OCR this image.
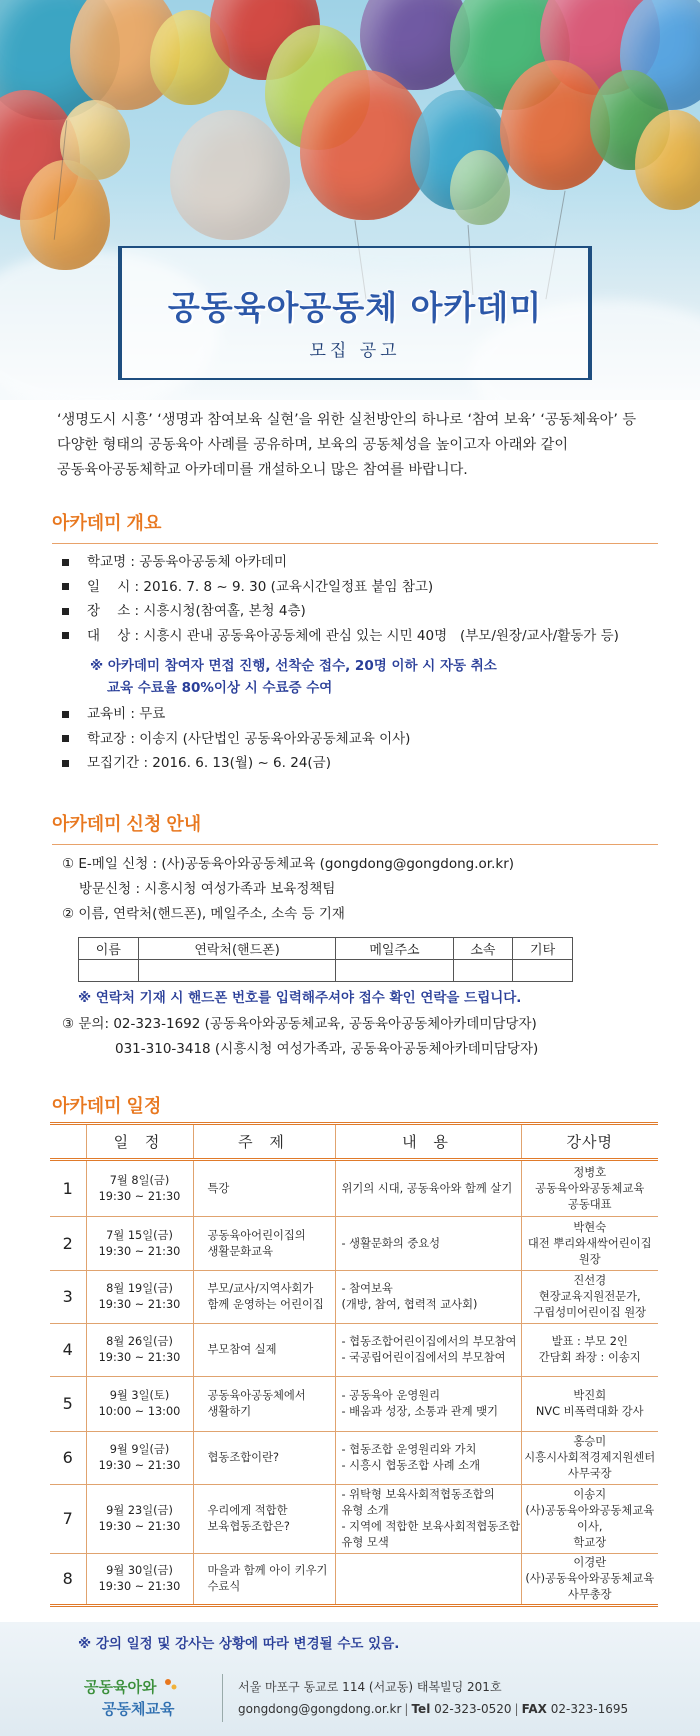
공동육아공동체 아카데미
모집 공고
‘생명도시 시흥’ ‘생명과 참여보육 실현’을 위한 실천방안의 하나로 ‘참여 보육’ ‘공동체육아’ 등
다양한 형태의 공동육아 사례를 공유하며, 보육의 공동체성을 높이고자 아래와 같이
공동육아공동체학교 아카데미를 개설하오니 많은 참여를 바랍니다.
아카데미 개요
학교명 : 공동육아공동체 아카데미
일    시 : 2016. 7. 8 ~ 9. 30 (교육시간일정표 붙임 참고)
장    소 : 시흥시청(참여홀, 본청 4층)
대    상 : 시흥시 관내 공동육아공동체에 관심 있는 시민 40명   (부모/원장/교사/활동가 등)
※ 아카데미 참여자 면접 진행, 선착순 접수, 20명 이하 시 자동 취소
교육 수료율 80%이상 시 수료증 수여
교육비 : 무료
학교장 : 이송지 (사단법인 공동육아와공동체교육 이사)
모집기간 : 2016. 6. 13(월) ~ 6. 24(금)
아카데미 신청 안내
① E-메일 신청 : (사)공동육아와공동체교육 (gongdong@gongdong.or.kr)
방문신청 : 시흥시청 여성가족과 보육정책팀
② 이름, 연락처(핸드폰), 메일주소, 소속 등 기재
이름	연락처(핸드폰)	메일주소	소속	기타

※ 연락처 기재 시 핸드폰 번호를 입력해주셔야 접수 확인 연락을 드립니다.
③ 문의: 02-323-1692 (공동육아와공동체교육, 공동육아공동체아카데미담당자)
031-310-3418 (시흥시청 여성가족과, 공동육아공동체아카데미담당자)
아카데미 일정
	일 정	주 제	내 용	강사명
1	7월 8일(금)
19:30 ~ 21:30	특강	위기의 시대, 공동육아와 함께 살기	정병호
공동육아와공동체교육
공동대표
2	7월 15일(금)
19:30 ~ 21:30	공동육아어린이집의
생활문화교육	- 생활문화의 중요성	박현숙
대전 뿌리와새싹어린이집
원장
3	8월 19일(금)
19:30 ~ 21:30	부모/교사/지역사회가
함께 운영하는 어린이집	- 참여보육
(개방, 참여, 협력적 교사회)	진선경
현장교육지원전문가,
구립성미어린이집 원장
4	8월 26일(금)
19:30 ~ 21:30	부모참여 실제	- 협동조합어린이집에서의 부모참여
- 국공립어린이집에서의 부모참여	발표 : 부모 2인
간담회 좌장 : 이송지
5	9월 3일(토)
10:00 ~ 13:00	공동육아공동체에서
생활하기	- 공동육아 운영원리
- 배움과 성장, 소통과 관계 맺기	박진희
NVC 비폭력대화 강사
6	9월 9일(금)
19:30 ~ 21:30	협동조합이란?	- 협동조합 운영원리와 가치
- 시흥시 협동조합 사례 소개	홍승미
시흥시사회적경제지원센터
사무국장
7	9월 23일(금)
19:30 ~ 21:30	우리에게 적합한
보육협동조합은?	- 위탁형 보육사회적협동조합의
유형 소개
- 지역에 적합한 보육사회적협동조합
유형 모색	이송지
(사)공동육아와공동체교육
이사,
학교장
8	9월 30일(금)
19:30 ~ 21:30	마을과 함께 아이 키우기
수료식		이경란
(사)공동육아와공동체교육
사무총장
※ 강의 일정 및 강사는 상황에 따라 변경될 수도 있음.
공동육아와
공동체교육
서울 마포구 동교로 114 (서교동) 태복빌딩 201호
gongdong@gongdong.or.kr | Tel 02-323-0520 | FAX 02-323-1695
